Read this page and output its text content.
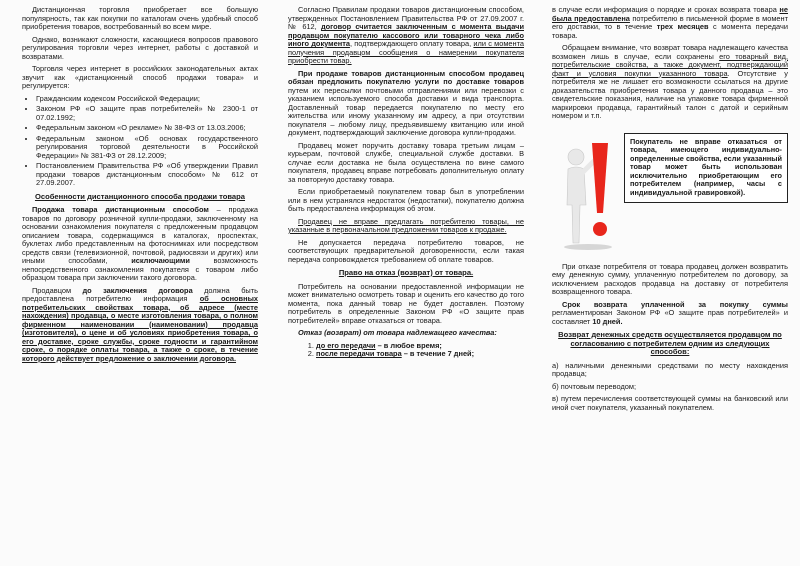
Дистанционная торговля приобретает все большую популярность, так как покупки по каталогам очень удобный способ приобретения товаров, востребованный во всем мире.

Однако, возникают сложности, касающиеся вопросов правового регулирования торговли через интернет, работы с доставкой и возвратами.

Торговля через интернет в российских законодательных актах звучит как «дистанционный способ продажи товара» и регулируется:

• Гражданским кодексом Российской Федерации;
• Законом РФ «О защите прав потребителей» № 2300-1 от 07.02.1992;
• Федеральным законом «О рекламе» № 38-ФЗ от 13.03.2006;
• Федеральным законом «Об основах государственного регулирования торговой деятельности в Российской Федерации» № 381-ФЗ от 28.12.2009;
• Постановлением Правительства РФ «Об утверждении Правил продажи товаров дистанционным способом» № 612 от 27.09.2007.
Особенности дистанционного способа продажи товара

Продажа товара дистанционным способом – продажа товаров по договору розничной купли-продажи, заключенному на основании ознакомления покупателя с предложенным продавцом описанием товара, содержащимся в каталогах, проспектах, буклетах либо представленным на фотоснимках или посредством средств связи (телевизионной, почтовой, радиосвязи и других) или иными способами, исключающими возможность непосредственного ознакомления покупателя с товаром либо образцом товара при заключении такого договора.

Продавцом до заключения договора должна быть предоставлена потребителю информация об основных потребительских свойствах товара, об адресе (месте нахождения) продавца, о месте изготовления товара, о полном фирменном наименовании (наименовании) продавца (изготовителя), о цене и об условиях приобретения товара, о его доставке, сроке службы, сроке годности и гарантийном сроке, о порядке оплаты товара, а также о сроке, в течение которого действует предложение о заключении договора.

Согласно Правилам продажи товаров дистанционным способом, утвержденных Постановлением Правительства РФ от 27.09.2007 г. № 612, договор считается заключенным с момента выдачи продавцом покупателю кассового или товарного чека либо иного документа, подтверждающего оплату товара, или с момента получения продавцом сообщения о намерении покупателя приобрести товар.

При продаже товаров дистанционным способом продавец обязан предложить покупателю услуги по доставке товаров путем их пересылки почтовыми отправлениями или перевозки с указанием используемого способа доставки и вида транспорта. Доставленный товар передается покупателю по месту его жительства или иному указанному им адресу, а при отсутствии покупателя – любому лицу, предъявившему квитанцию или иной документ, подтверждающий заключение договора купли-продажи.

Продавец может поручить доставку товара третьим лицам – курьерам, почтовой службе, специальной службе доставки. В случае если доставка не была осуществлена по вине самого покупателя, продавец вправе потребовать дополнительную оплату за повторную доставку товара.

Если приобретаемый покупателем товар был в употреблении или в нем устранялся недостаток (недостатки), покупателю должна быть предоставлена информация об этом.

Продавец не вправе предлагать потребителю товары, не указанные в первоначальном предложении товаров к продаже.

Не допускается передача потребителю товаров, не соответствующих предварительной договоренности, если такая передача сопровождается требованием об оплате товаров.

Право на отказ (возврат) от товара.

Потребитель на основании предоставленной информации не может внимательно осмотреть товар и оценить его качество до того момента, пока данный товар не будет доставлен. Поэтому потребитель в определенные Законом РФ «О защите прав потребителей» вправе отказаться от товара.

Отказ (возврат) от товара надлежащего качества:

1. до его передачи – в любое время;
2. после передачи товара – в течение 7 дней;

в случае если информация о порядке и сроках возврата товара не была предоставлена потребителю в письменной форме в момент его доставки, то в течение трех месяцев с момента передачи товара.

Обращаем внимание, что возврат товара надлежащего качества возможен лишь в случае, если сохранены его товарный вид, потребительские свойства, а также документ, подтверждающий факт и условия покупки указанного товара. Отсутствие у потребителя же не лишает его возможности ссылаться на другие доказательства приобретения товара у данного продавца – это свидетельские показания, наличие на упаковке товара фирменной маркировки продавца, гарантийный талон с датой и серийным номером и т.п.

Покупатель не вправе отказаться от товара, имеющего индивидуально-определенные свойства, если указанный товар может быть использован исключительно приобретающим его потребителем (например, часы с индивидуальной гравировкой).

При отказе потребителя от товара продавец должен возвратить ему денежную сумму, уплаченную потребителем по договору, за исключением расходов продавца на доставку от потребителя возвращенного товара.

Срок возврата уплаченной за покупку суммы регламентирован Законом РФ «О защите прав потребителей» и составляет 10 дней.

Возврат денежных средств осуществляется продавцом по согласованию с потребителем одним из следующих способов:

а) наличными денежными средствами по месту нахождения продавца;

б) почтовым переводом;

в) путем перечисления соответствующей суммы на банковский или иной счет покупателя, указанный покупателем.
